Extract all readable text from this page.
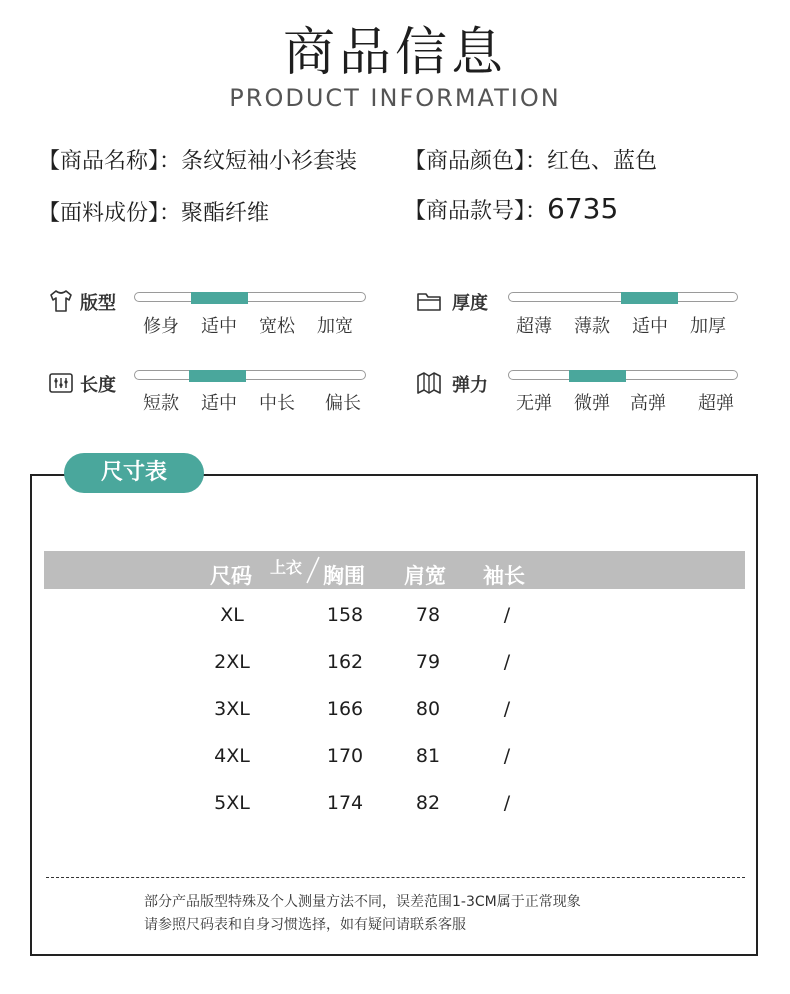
商品信息
PRODUCT INFORMATION
【商品名称】：条纹短袖小衫套装 【商品颜色】：红色、蓝色
【面料成份】：聚酯纤维	【商品款号】：6735
版型
修身 适中 宽松 加宽
厚度
超薄 薄款 适中 加厚
长度
短款 适中 中长 偏长
弹力
无弹 微弹 高弹 超弹
尺寸表
尺码 上衣 胸围 肩宽 袖长
XL	158	78	/
2XL	162	79	/
3XL	166	80	/
4XL	170	81	/
5XL	174	82	/
部分产品版型特殊及个人测量方法不同，误差范围1-3CM属于正常现象
请参照尺码表和自身习惯选择，如有疑问请联系客服
